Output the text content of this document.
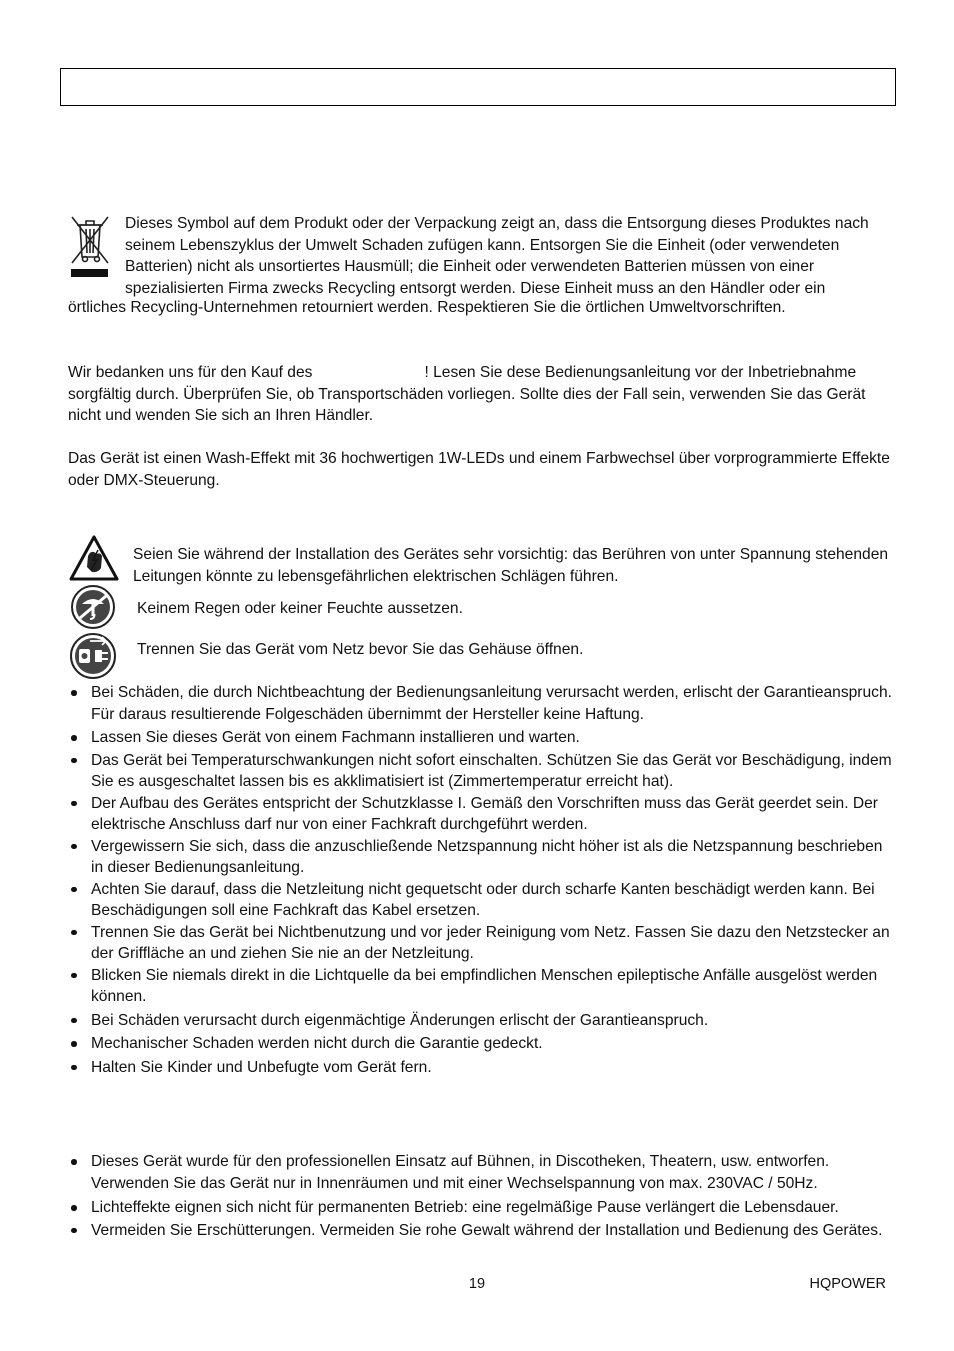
Dieses Symbol auf dem Produkt oder der Verpackung zeigt an, dass die Entsorgung dieses Produktes nach seinem Lebenszyklus der Umwelt Schaden zufügen kann. Entsorgen Sie die Einheit (oder verwendeten Batterien) nicht als unsortiertes Hausmüll; die Einheit oder verwendeten Batterien müssen von einer spezialisierten Firma zwecks Recycling entsorgt werden. Diese Einheit muss an den Händler oder ein

örtliches Recycling-Unternehmen retourniert werden. Respektieren Sie die örtlichen Umweltvorschriften.

Wir bedanken uns für den Kauf des	! Lesen Sie dese Bedienungsanleitung vor der Inbetriebnahme sorgfältig durch. Überprüfen Sie, ob Transportschäden vorliegen. Sollte dies der Fall sein, verwenden Sie das Gerät nicht und wenden Sie sich an Ihren Händler.

Das Gerät ist einen Wash-Effekt mit 36 hochwertigen 1W-LEDs und einem Farbwechsel über vorprogrammierte Effekte oder DMX-Steuerung.

Seien Sie während der Installation des Gerätes sehr vorsichtig: das Berühren von unter Spannung stehenden Leitungen könnte zu lebensgefährlichen elektrischen Schlägen führen.

Keinem Regen oder keiner Feuchte aussetzen.

Trennen Sie das Gerät vom Netz bevor Sie das Gehäuse öffnen.

Bei Schäden, die durch Nichtbeachtung der Bedienungsanleitung verursacht werden, erlischt der Garantieanspruch. Für daraus resultierende Folgeschäden übernimmt der Hersteller keine Haftung.
Lassen Sie dieses Gerät von einem Fachmann installieren und warten.
Das Gerät bei Temperaturschwankungen nicht sofort einschalten. Schützen Sie das Gerät vor Beschädigung, indem Sie es ausgeschaltet lassen bis es akklimatisiert ist (Zimmertemperatur erreicht hat).
Der Aufbau des Gerätes entspricht der Schutzklasse I. Gemäß den Vorschriften muss das Gerät geerdet sein. Der elektrische Anschluss darf nur von einer Fachkraft durchgeführt werden.
Vergewissern Sie sich, dass die anzuschließende Netzspannung nicht höher ist als die Netzspannung beschrieben in dieser Bedienungsanleitung.
Achten Sie darauf, dass die Netzleitung nicht gequetscht oder durch scharfe Kanten beschädigt werden kann. Bei Beschädigungen soll eine Fachkraft das Kabel ersetzen.
Trennen Sie das Gerät bei Nichtbenutzung und vor jeder Reinigung vom Netz. Fassen Sie dazu den Netzstecker an der Griffläche an und ziehen Sie nie an der Netzleitung.
Blicken Sie niemals direkt in die Lichtquelle da bei empfindlichen Menschen epileptische Anfälle ausgelöst werden können.
Bei Schäden verursacht durch eigenmächtige Änderungen erlischt der Garantieanspruch.
Mechanischer Schaden werden nicht durch die Garantie gedeckt.
Halten Sie Kinder und Unbefugte vom Gerät fern.
Dieses Gerät wurde für den professionellen Einsatz auf Bühnen, in Discotheken, Theatern, usw. entworfen. Verwenden Sie das Gerät nur in Innenräumen und mit einer Wechselspannung von max. 230VAC / 50Hz.
Lichteffekte eignen sich nicht für permanenten Betrieb: eine regelmäßige Pause verlängert die Lebensdauer.
Vermeiden Sie Erschütterungen. Vermeiden Sie rohe Gewalt während der Installation und Bedienung des Gerätes.
19	HQPOWER
